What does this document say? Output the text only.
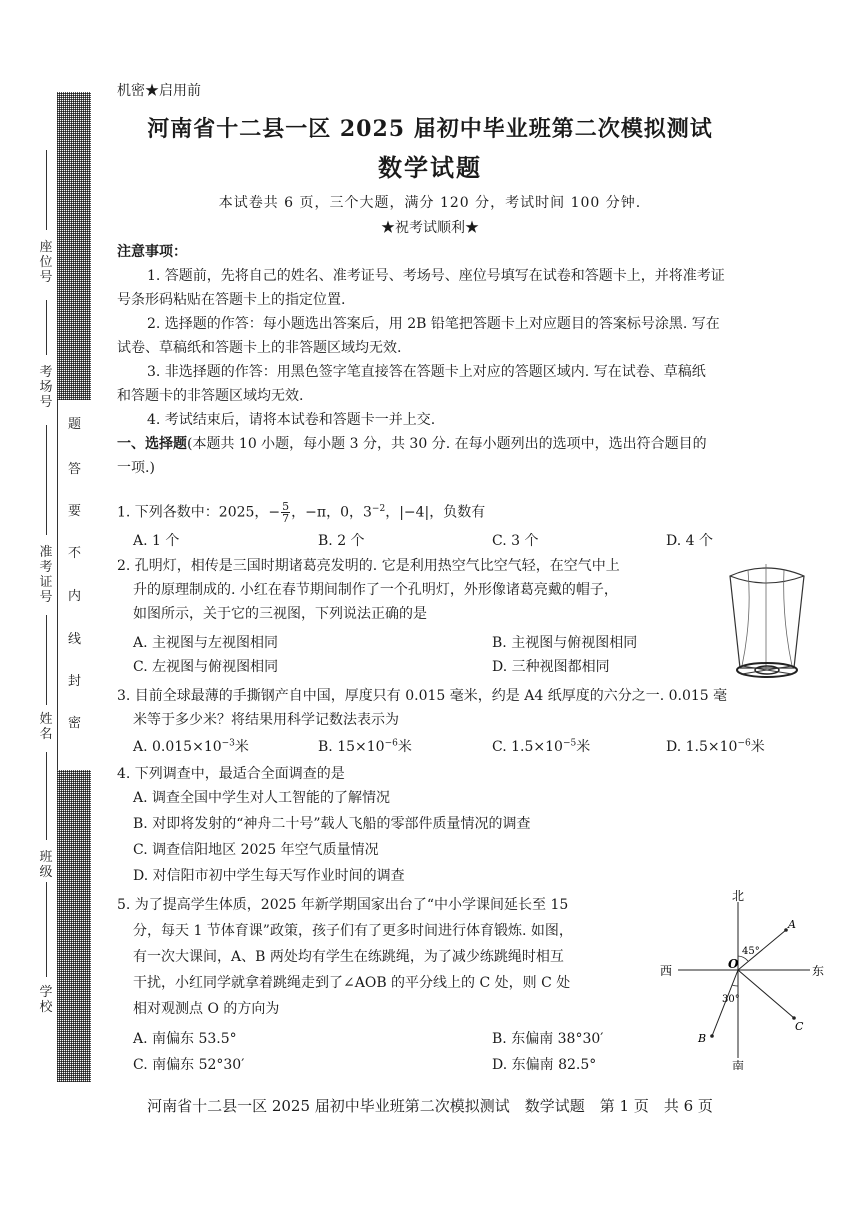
题
答
要
不
内
线
封
密
座位号
考场号
准考证号
姓名
班级
学校
机密★启用前
河南省十二县一区 2025 届初中毕业班第二次模拟测试
数学试题
本试卷共 6 页，三个大题，满分 120 分，考试时间 100 分钟.
★祝考试顺利★
注意事项：
1. 答题前，先将自己的姓名、准考证号、考场号、座位号填写在试卷和答题卡上，并将准考证
号条形码粘贴在答题卡上的指定位置.
2. 选择题的作答：每小题选出答案后，用 2B 铅笔把答题卡上对应题目的答案标号涂黑. 写在
试卷、草稿纸和答题卡上的非答题区域均无效.
3. 非选择题的作答：用黑色签字笔直接答在答题卡上对应的答题区域内. 写在试卷、草稿纸
和答题卡的非答题区域均无效.
4. 考试结束后，请将本试卷和答题卡一并上交.
一、选择题(本题共 10 小题，每小题 3 分，共 30 分. 在每小题列出的选项中，选出符合题目的
一项.)
1. 下列各数中：2025，− $\frac{5}{7}$ ，−π，0，$3^{-2}$，|−4|，负数有
A. 1 个	B. 2 个	C. 3 个	D. 4 个
2. 孔明灯，相传是三国时期诸葛亮发明的. 它是利用热空气比空气轻，在空气中上
升的原理制成的. 小红在春节期间制作了一个孔明灯，外形像诸葛亮戴的帽子，
如图所示，关于它的三视图，下列说法正确的是
A. 主视图与左视图相同	B. 主视图与俯视图相同
C. 左视图与俯视图相同	D. 三种视图都相同
3. 目前全球最薄的手撕钢产自中国，厚度只有 0.015 毫米，约是 A4 纸厚度的六分之一. 0.015 毫
米等于多少米？将结果用科学记数法表示为
A. $0.015\times 10^{-3}$米	B. $15\times 10^{-6}$米	C. $1.5\times 10^{-5}$米	D. $1.5\times 10^{-6}$米
4. 下列调查中，最适合全面调查的是
A. 调查全国中学生对人工智能的了解情况
B. 对即将发射的“神舟二十号”载人飞船的零部件质量情况的调查
C. 调查信阳地区 2025 年空气质量情况
D. 对信阳市初中学生每天写作业时间的调查
5. 为了提高学生体质，2025 年新学期国家出台了“中小学课间延长至 15
分，每天 1 节体育课”政策，孩子们有了更多时间进行体育锻炼. 如图，
有一次大课间，A、B 两处均有学生在练跳绳，为了减少练跳绳时相互
干扰，小红同学就拿着跳绳走到了∠AOB 的平分线上的 C 处，则 C 处
相对观测点 O 的方向为
A. 南偏东 53.5°	B. 东偏南 38°30′
C. 南偏东 52°30′	D. 东偏南 82.5°
北
南
东
西	O
A
B
C
45°
30°
河南省十二县一区 2025 届初中毕业班第二次模拟测试　数学试题　第 1 页　共 6 页
